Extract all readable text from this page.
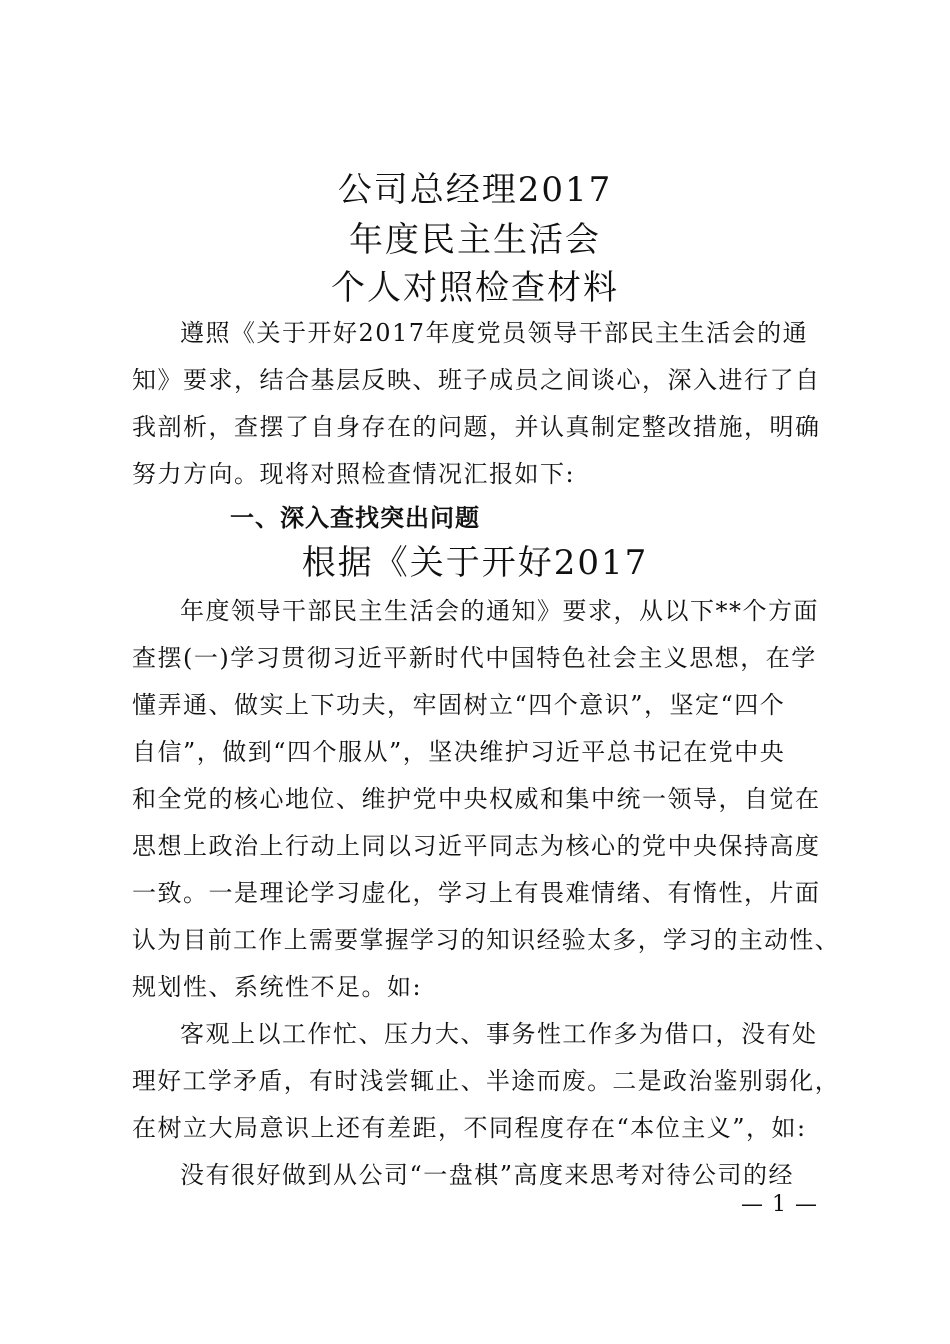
公司总经理2017
年度民主生活会
个人对照检查材料
遵照《关于开好2017年度党员领导干部民主生活会的通
知》要求，结合基层反映、班子成员之间谈心，深入进行了自
我剖析，查摆了自身存在的问题，并认真制定整改措施，明确
努力方向。现将对照检查情况汇报如下:
一、深入查找突出问题
根据《关于开好2017
年度领导干部民主生活会的通知》要求，从以下**个方面
查摆(一)学习贯彻习近平新时代中国特色社会主义思想，在学
懂弄通、做实上下功夫，牢固树立“四个意识”，坚定“四个
自信”，做到“四个服从”，坚决维护习近平总书记在党中央
和全党的核心地位、维护党中央权威和集中统一领导，自觉在
思想上政治上行动上同以习近平同志为核心的党中央保持高度
一致。一是理论学习虚化，学习上有畏难情绪、有惰性，片面
认为目前工作上需要掌握学习的知识经验太多，学习的主动性、
规划性、系统性不足。如:
客观上以工作忙、压力大、事务性工作多为借口，没有处
理好工学矛盾，有时浅尝辄止、半途而废。二是政治鉴别弱化，
在树立大局意识上还有差距，不同程度存在“本位主义”，如:
没有很好做到从公司“一盘棋”高度来思考对待公司的经
— 1 —
